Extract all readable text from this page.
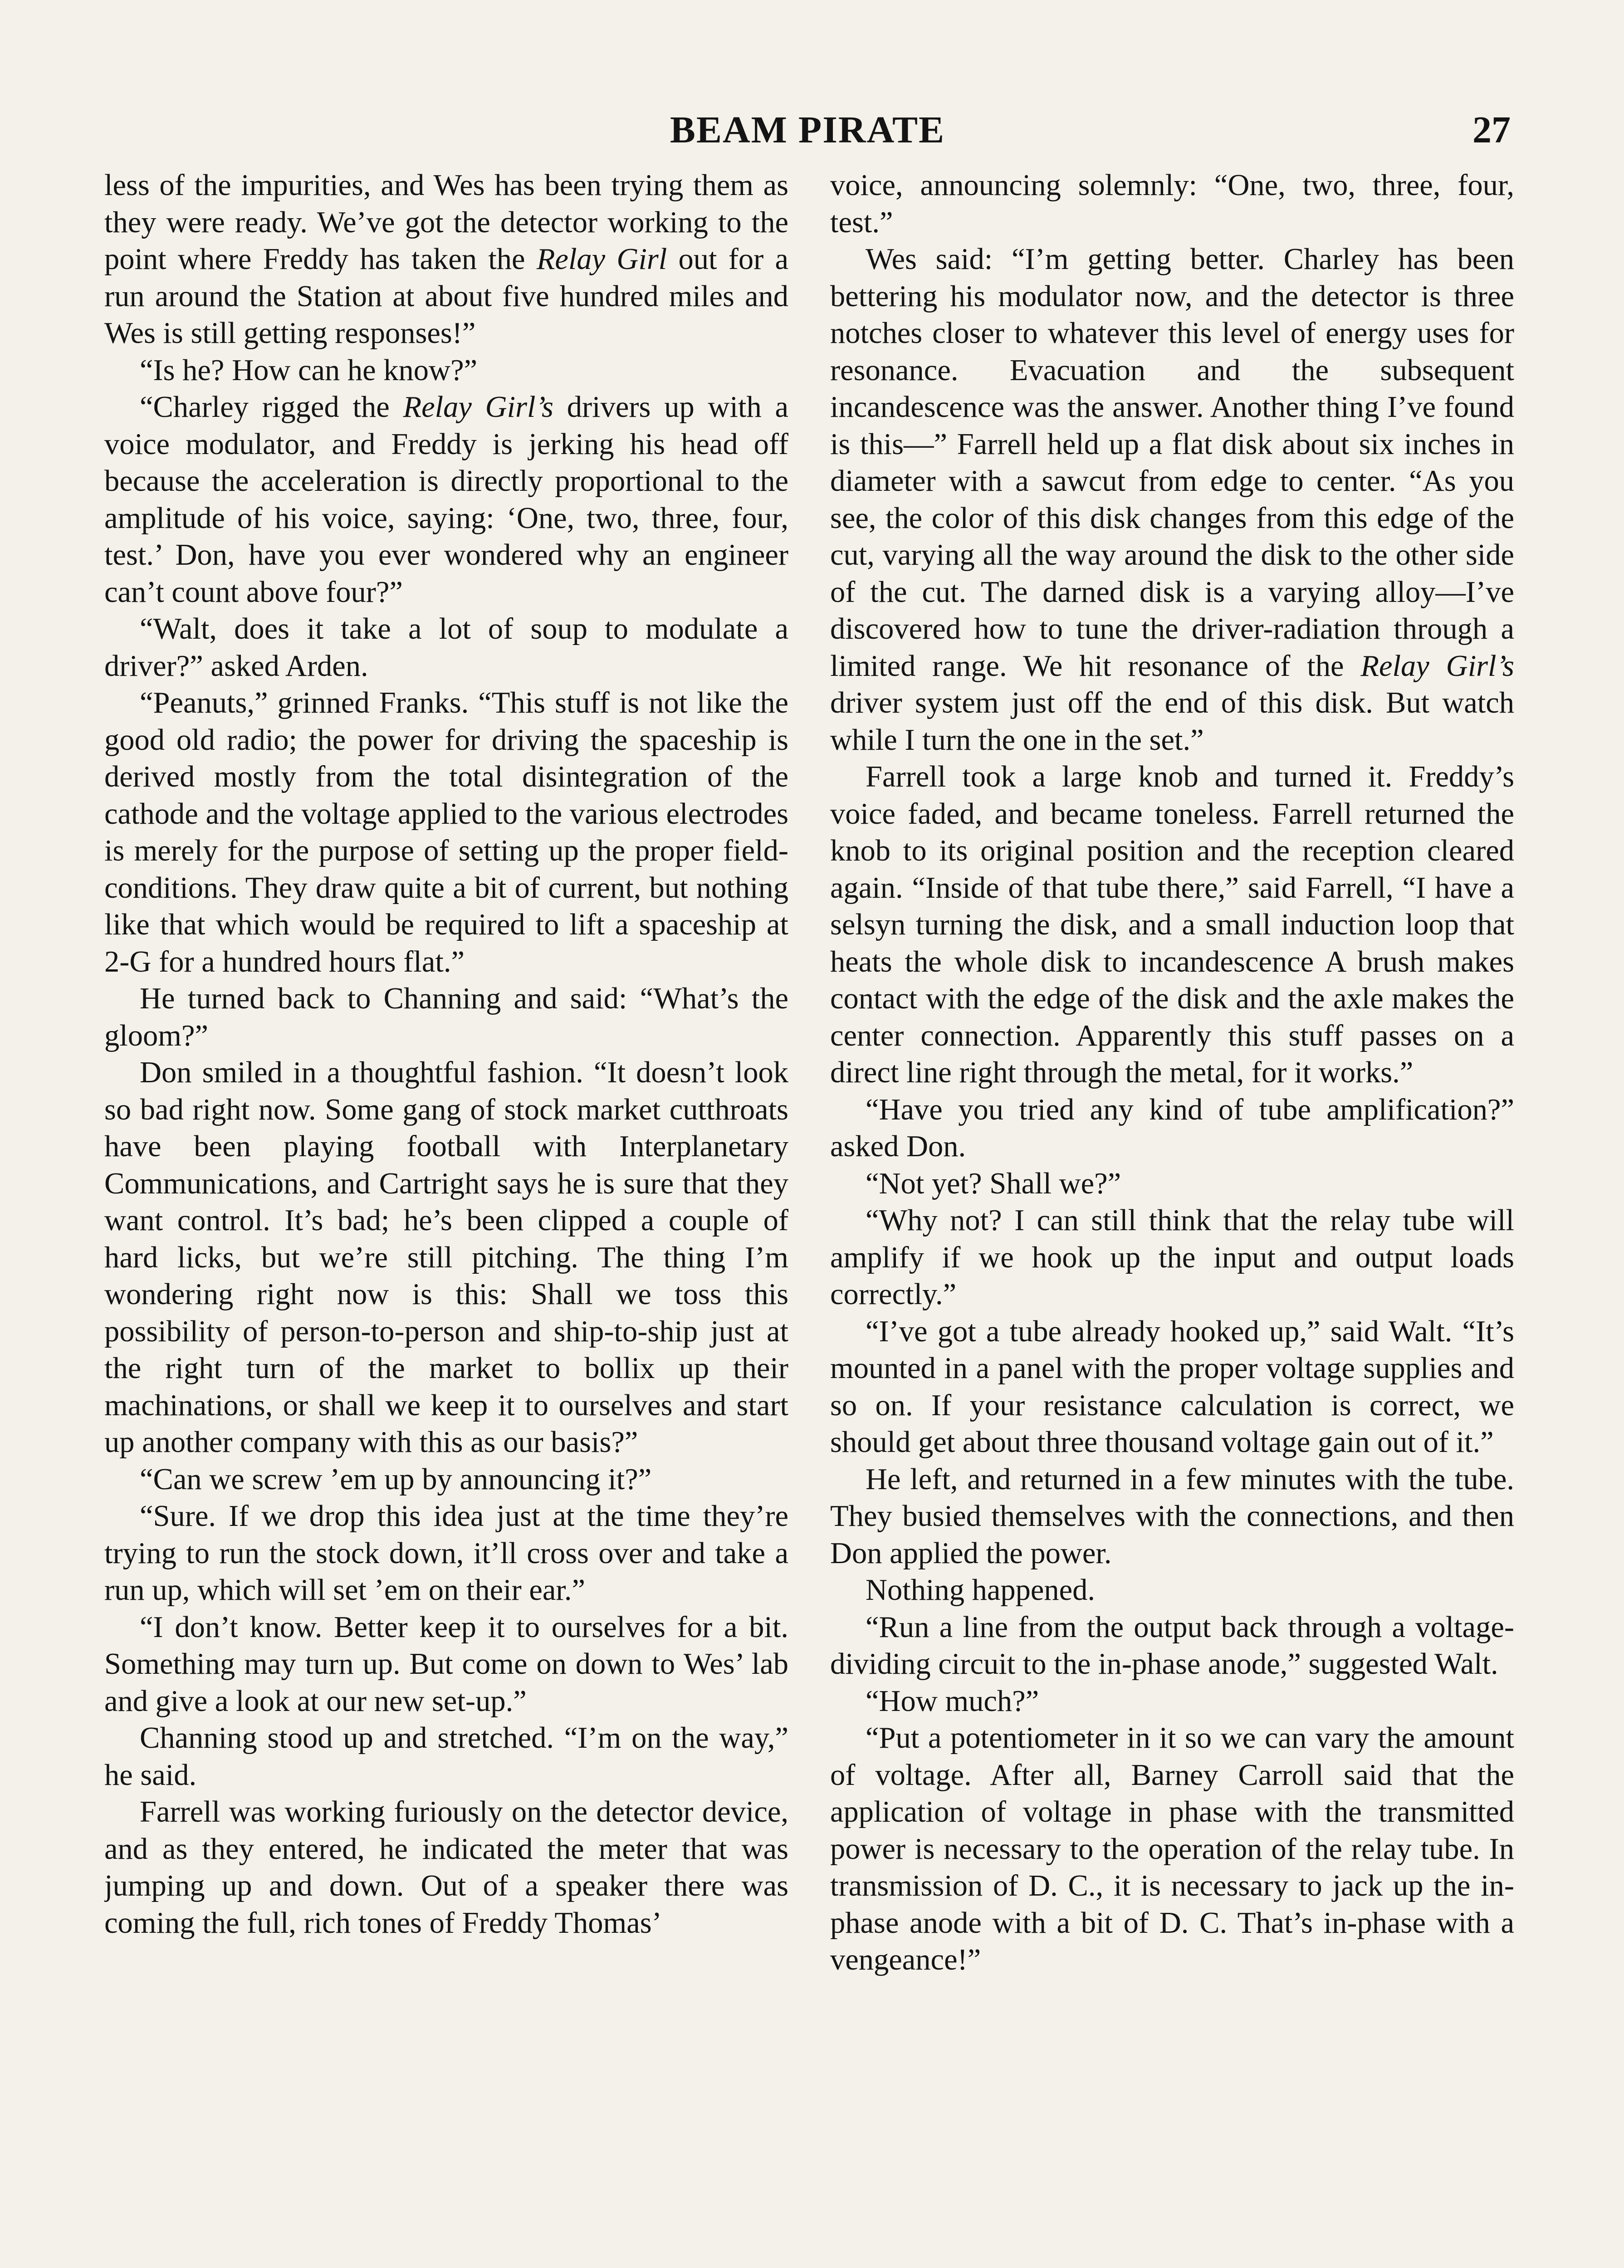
BEAM PIRATE	27

less of the impurities, and Wes has been trying them as they were ready. We’ve got the detector working to the point where Freddy has taken the Relay Girl out for a run around the Station at about five hundred miles and Wes is still getting responses!”

“Is he? How can he know?”

“Charley rigged the Relay Girl’s drivers up with a voice modulator, and Freddy is jerking his head off because the acceleration is directly proportional to the amplitude of his voice, saying: ‘One, two, three, four, test.’ Don, have you ever wondered why an engineer can’t count above four?”

“Walt, does it take a lot of soup to modulate a driver?” asked Arden.

“Peanuts,” grinned Franks. “This stuff is not like the good old radio; the power for driving the spaceship is derived mostly from the total disintegration of the cathode and the voltage applied to the various electrodes is merely for the purpose of setting up the proper field-conditions. They draw quite a bit of current, but nothing like that which would be required to lift a spaceship at 2-G for a hundred hours flat.”

He turned back to Channing and said: “What’s the gloom?”

Don smiled in a thoughtful fashion. “It doesn’t look so bad right now. Some gang of stock market cutthroats have been playing football with Interplanetary Communications, and Cartright says he is sure that they want control. It’s bad; he’s been clipped a couple of hard licks, but we’re still pitching. The thing I’m wondering right now is this: Shall we toss this possibility of person-to-person and ship-to-ship just at the right turn of the market to bollix up their machinations, or shall we keep it to ourselves and start up another company with this as our basis?”

“Can we screw ’em up by announcing it?”

“Sure. If we drop this idea just at the time they’re trying to run the stock down, it’ll cross over and take a run up, which will set ’em on their ear.”

“I don’t know. Better keep it to ourselves for a bit. Something may turn up. But come on down to Wes’ lab and give a look at our new set-up.”

Channing stood up and stretched. “I’m on the way,” he said.

Farrell was working furiously on the detector device, and as they entered, he indicated the meter that was jumping up and down. Out of a speaker there was coming the full, rich tones of Freddy Thomas’

voice, announcing solemnly: “One, two, three, four, test.”

Wes said: “I’m getting better. Charley has been bettering his modulator now, and the detector is three notches closer to whatever this level of energy uses for resonance. Evacuation and the subsequent incandescence was the answer. Another thing I’ve found is this—” Farrell held up a flat disk about six inches in diameter with a sawcut from edge to center. “As you see, the color of this disk changes from this edge of the cut, varying all the way around the disk to the other side of the cut. The darned disk is a varying alloy—I’ve discovered how to tune the driver-radiation through a limited range. We hit resonance of the Relay Girl’s driver system just off the end of this disk. But watch while I turn the one in the set.”

Farrell took a large knob and turned it. Freddy’s voice faded, and became toneless. Farrell returned the knob to its original position and the reception cleared again. “Inside of that tube there,” said Farrell, “I have a selsyn turning the disk, and a small induction loop that heats the whole disk to incandescence A brush makes contact with the edge of the disk and the axle makes the center connection. Apparently this stuff passes on a direct line right through the metal, for it works.”

“Have you tried any kind of tube amplification?” asked Don.

“Not yet? Shall we?”

“Why not? I can still think that the relay tube will amplify if we hook up the input and output loads correctly.”

“I’ve got a tube already hooked up,” said Walt. “It’s mounted in a panel with the proper voltage supplies and so on. If your resistance calculation is correct, we should get about three thousand voltage gain out of it.”

He left, and returned in a few minutes with the tube. They busied themselves with the connections, and then Don applied the power.

Nothing happened.

“Run a line from the output back through a voltage-dividing circuit to the in-phase anode,” suggested Walt.

“How much?”

“Put a potentiometer in it so we can vary the amount of voltage. After all, Barney Carroll said that the application of voltage in phase with the transmitted power is necessary to the operation of the relay tube. In transmission of D. C., it is necessary to jack up the in-phase anode with a bit of D. C. That’s in-phase with a vengeance!”
